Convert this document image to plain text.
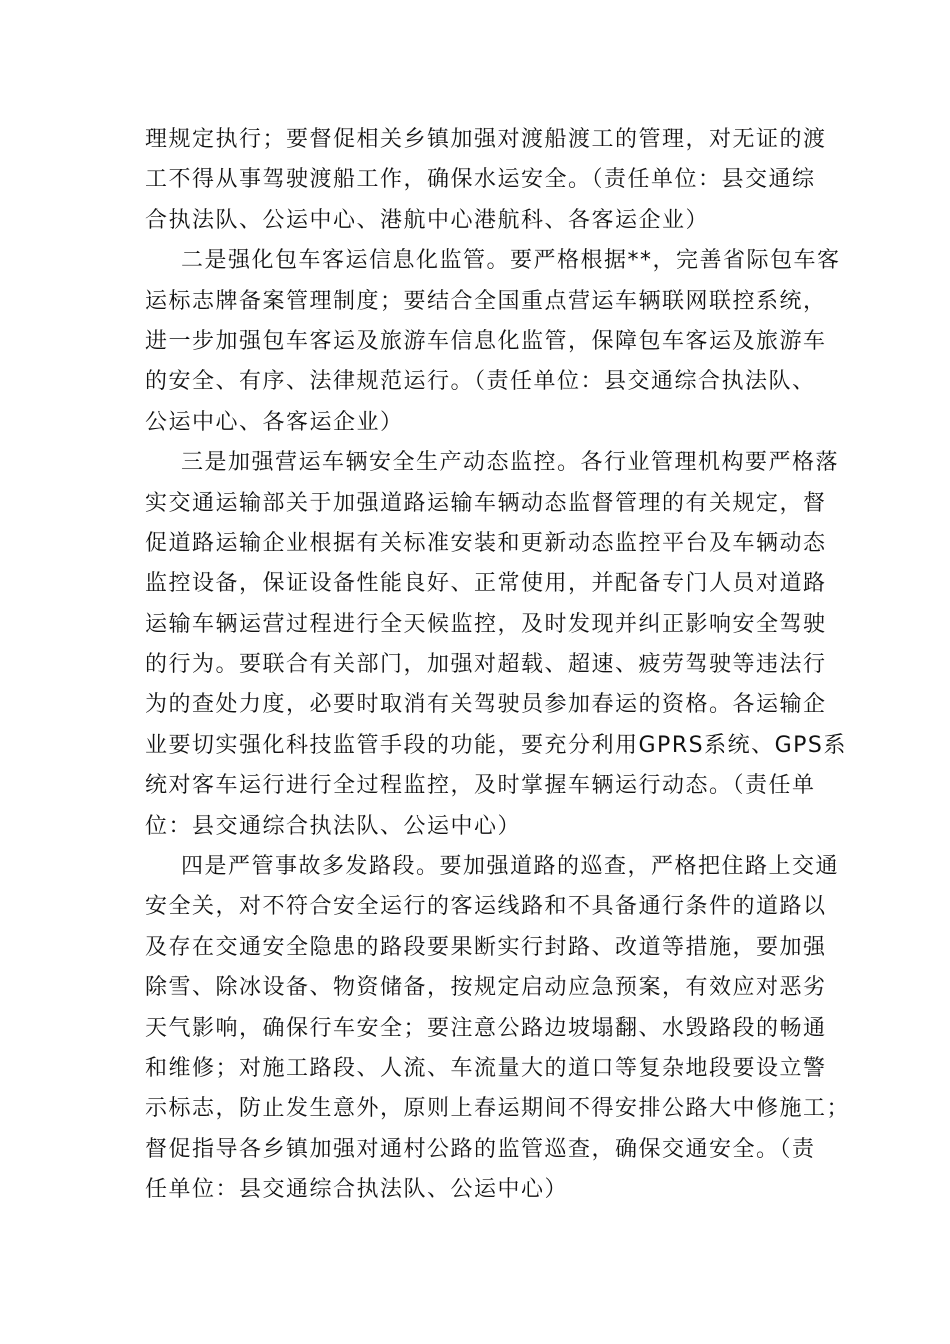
理规定执行；要督促相关乡镇加强对渡船渡工的管理，对无证的渡
工不得从事驾驶渡船工作，确保水运安全。（责任单位：县交通综
合执法队、公运中心、港航中心港航科、各客运企业）
二是强化包车客运信息化监管。要严格根据**，完善省际包车客
运标志牌备案管理制度；要结合全国重点营运车辆联网联控系统，
进一步加强包车客运及旅游车信息化监管，保障包车客运及旅游车
的安全、有序、法律规范运行。（责任单位：县交通综合执法队、
公运中心、各客运企业）
三是加强营运车辆安全生产动态监控。各行业管理机构要严格落
实交通运输部关于加强道路运输车辆动态监督管理的有关规定，督
促道路运输企业根据有关标准安装和更新动态监控平台及车辆动态
监控设备，保证设备性能良好、正常使用，并配备专门人员对道路
运输车辆运营过程进行全天候监控，及时发现并纠正影响安全驾驶
的行为。要联合有关部门，加强对超载、超速、疲劳驾驶等违法行
为的查处力度，必要时取消有关驾驶员参加春运的资格。各运输企
业要切实强化科技监管手段的功能，要充分利用GPRS系统、GPS系
统对客车运行进行全过程监控，及时掌握车辆运行动态。（责任单
位：县交通综合执法队、公运中心）
四是严管事故多发路段。要加强道路的巡查，严格把住路上交通
安全关，对不符合安全运行的客运线路和不具备通行条件的道路以
及存在交通安全隐患的路段要果断实行封路、改道等措施，要加强
除雪、除冰设备、物资储备，按规定启动应急预案，有效应对恶劣
天气影响，确保行车安全；要注意公路边坡塌翻、水毁路段的畅通
和维修；对施工路段、人流、车流量大的道口等复杂地段要设立警
示标志，防止发生意外，原则上春运期间不得安排公路大中修施工；
督促指导各乡镇加强对通村公路的监管巡查，确保交通安全。（责
任单位：县交通综合执法队、公运中心）
